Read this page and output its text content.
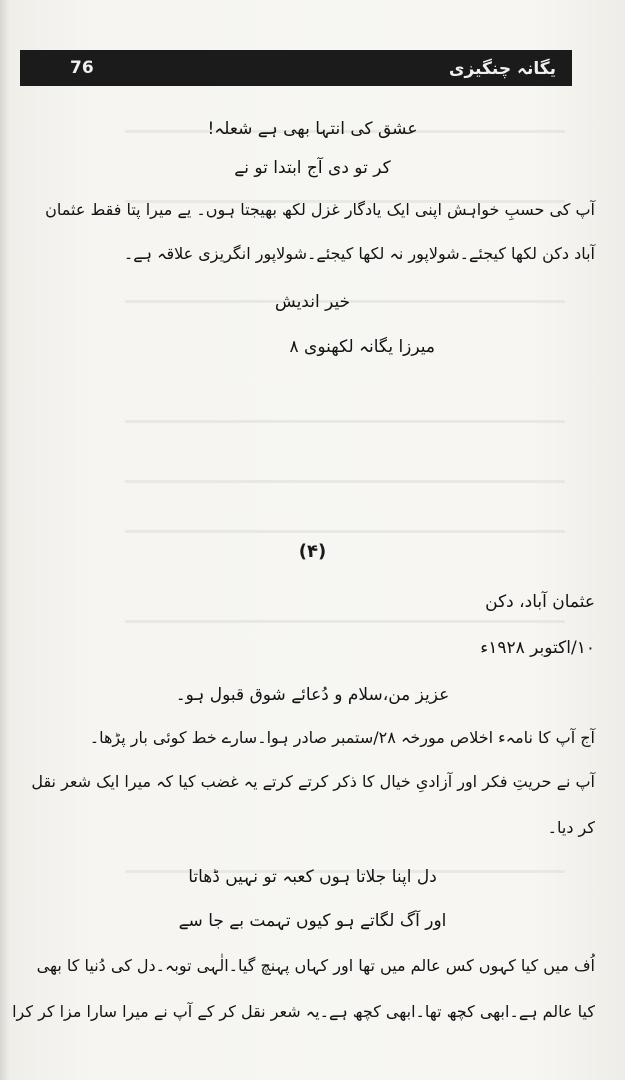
76	یگانہ چنگیزی
عشق کی انتہا بھی ہے شعلہ!
کر تو دی آج ابتدا تو نے
آپ کی حسبِ خواہش اپنی ایک یادگار غزل لکھ بھیجتا ہوں۔ یے میرا پتا فقط عثمان
آباد دکن لکھا کیجئے۔شولاپور نہ لکھا کیجئے۔شولاپور انگریزی علاقہ ہے۔
خیر اندیش
میرزا یگانہ لکھنوی ۸
(۴)
عثمان آباد، دکن
۱۰/اکتوبر ۱۹۲۸ء
عزیز من،سلام و دُعائے شوق قبول ہو۔
آج آپ کا نامہء اخلاص مورخہ ۲۸/ستمبر صادر ہوا۔سارے خط کوئی بار پڑھا۔
آپ نے حریتِ فکر اور آزادیِ خیال کا ذکر کرتے کرتے یہ غضب کیا کہ میرا ایک شعر نقل
کر دیا۔
دل اپنا جلاتا ہوں کعبہ تو نہیں ڈھاتا
اور آگ لگاتے ہو کیوں تہمت بے جا سے
اُف میں کیا کہوں کس عالم میں تھا اور کہاں پہنچ گیا۔الٰہی توبہ۔دل کی دُنیا کا بھی
کیا عالم ہے۔ابھی کچھ تھا۔ابھی کچھ ہے۔یہ شعر نقل کر کے آپ نے میرا سارا مزا کر کرا
